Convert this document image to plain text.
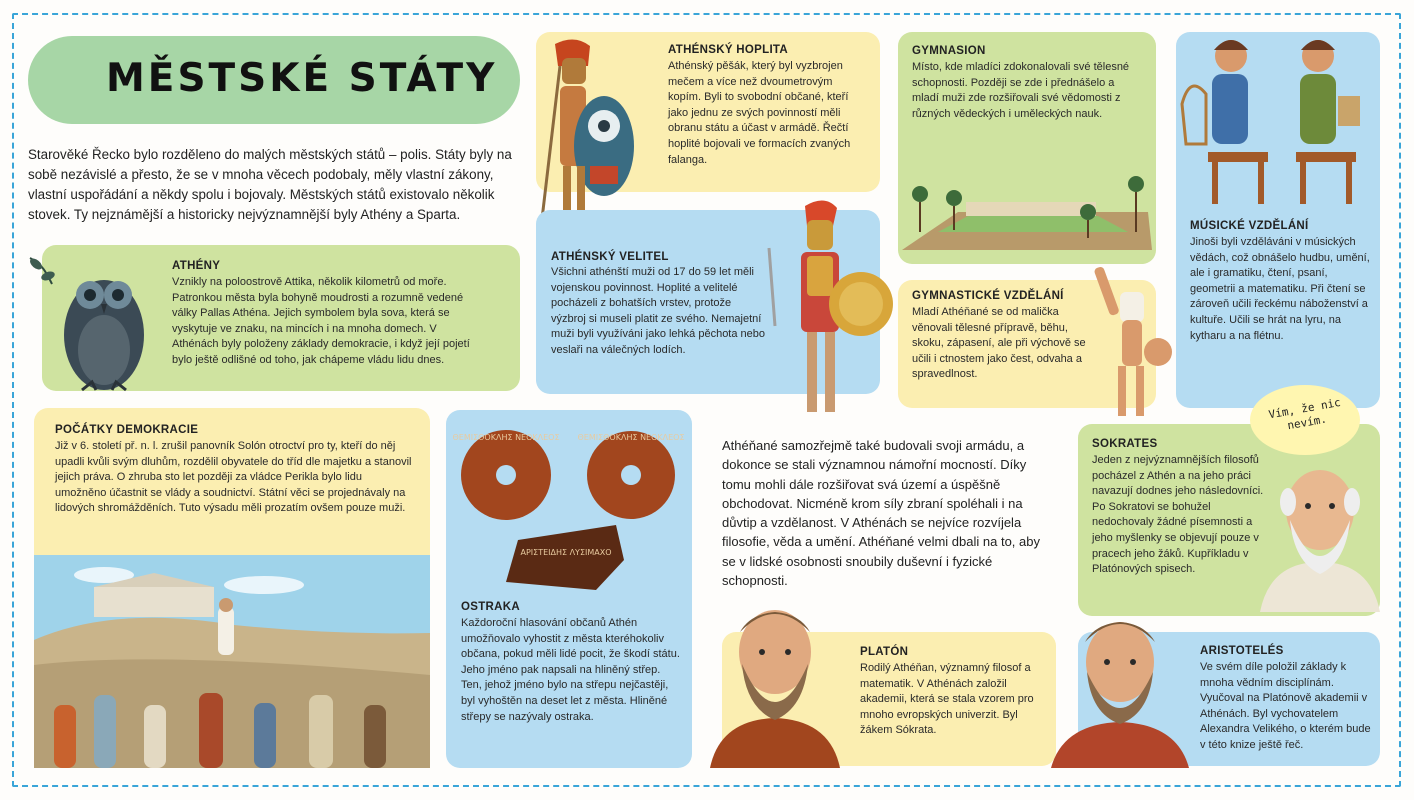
MĚSTSKÉ STÁTY
Starověké Řecko bylo rozděleno do malých městských států – polis. Státy byly na sobě nezávislé a přesto, že se v mnoha věcech podobaly, měly vlastní zákony, vlastní uspořádání a někdy spolu i bojovaly. Městských států existovalo několik stovek. Ty nejznámější a historicky nejvýznamnější byly Athény a Sparta.
ATHÉNY
Vznikly na poloostrově Attika, několik kilometrů od moře. Patronkou města byla bohyně moudrosti a rozumně vedené války Pallas Athéna. Jejich symbolem byla sova, která se vyskytuje ve znaku, na mincích i na mnoha domech. V Athénách byly položeny základy demokracie, i když její pojetí bylo ještě odlišné od toho, jak chápeme vládu lidu dnes.
POČÁTKY DEMOKRACIE
Již v 6. století př. n. l. zrušil panovník Solón otroctví pro ty, kteří do něj upadli kvůli svým dluhům, rozdělil obyvatele do tříd dle majetku a stanovil jejich práva. O zhruba sto let později za vládce Perikla bylo lidu umožněno účastnit se vlády a soudnictví. Státní věci se projednávaly na lidových shromážděních. Tuto výsadu měli prozatím ovšem pouze muži.
ATHÉNSKÝ HOPLITA
Athénský pěšák, který byl vyzbrojen mečem a více než dvoumetrovým kopím. Byli to svobodní občané, kteří jako jednu ze svých povinností měli obranu státu a účast v armádě. Řečtí hoplité bojovali ve formacích zvaných falanga.
ATHÉNSKÝ VELITEL
Všichni athénští muži od 17 do 59 let měli vojenskou povinnost. Hoplité a velitelé pocházeli z bohatších vrstev, protože výzbroj si museli platit ze svého. Nemajetní muži byli využíváni jako lehká pěchota nebo veslaři na válečných lodích.
ΘΕΜΙΣΘΟΚΛΗΣ ΝΕΟΚΛΕΟΣ ΘΕΜΙΣΘΟΚΛΗΣ ΝΕΟΚΛΕΟΣ
ΑΡΙΣΤΕΙΔΗΣ ΛΥΣΙΜΑΧΟ
OSTRAKA
Každoroční hlasování občanů Athén umožňovalo vyhostit z města kteréhokoliv občana, pokud měli lidé pocit, že škodí státu. Jeho jméno pak napsali na hliněný střep. Ten, jehož jméno bylo na střepu nejčastěji, byl vyhoštěn na deset let z města. Hliněné střepy se nazývaly ostraka.
GYMNASION
Místo, kde mladíci zdokonalovali své tělesné schopnosti. Později se zde i přednášelo a mladí muži zde rozšiřovali své vědomosti z různých vědeckých i uměleckých nauk.
GYMNASTICKÉ VZDĚLÁNÍ
Mladí Athéňané se od malička věnovali tělesné přípravě, běhu, skoku, zápasení, ale při výchově se učili i ctnostem jako čest, odvaha a spravedlnost.
MÚSICKÉ VZDĚLÁNÍ
Jinoši byli vzděláváni v músických vědách, což obnášelo hudbu, umění, ale i gramatiku, čtení, psaní, geometrii a matematiku. Při čtení se zároveň učili řeckému náboženství a kultuře. Učili se hrát na lyru, na kytharu a na flétnu.
Athéňané samozřejmě také budovali svoji armádu, a dokonce se stali významnou námořní mocností. Díky tomu mohli dále rozšiřovat svá území a úspěšně obchodovat. Nicméně krom síly zbraní spoléhali i na důvtip a vzdělanost. V Athénách se nejvíce rozvíjela filosofie, věda a umění. Athéňané velmi dbali na to, aby se v lidské osobnosti snoubily duševní i fyzické schopnosti.
Vím, že nic nevím.
SOKRATES
Jeden z nejvýznamnějších filosofů pocházel z Athén a na jeho práci navazují dodnes jeho následovníci. Po Sokratovi se bohužel nedochovaly žádné písemnosti a jeho myšlenky se objevují pouze v pracech jeho žáků. Kupříkladu v Platónových spisech.
PLATÓN
Rodilý Athéňan, významný filosof a matematik. V Athénách založil akademii, která se stala vzorem pro mnoho evropských univerzit. Byl žákem Sókrata.
ARISTOTELÉS
Ve svém díle položil základy k mnoha vědním disciplínám. Vyučoval na Platónově akademii v Athénách. Byl vychovatelem Alexandra Velikého, o kterém bude v této knize ještě řeč.
